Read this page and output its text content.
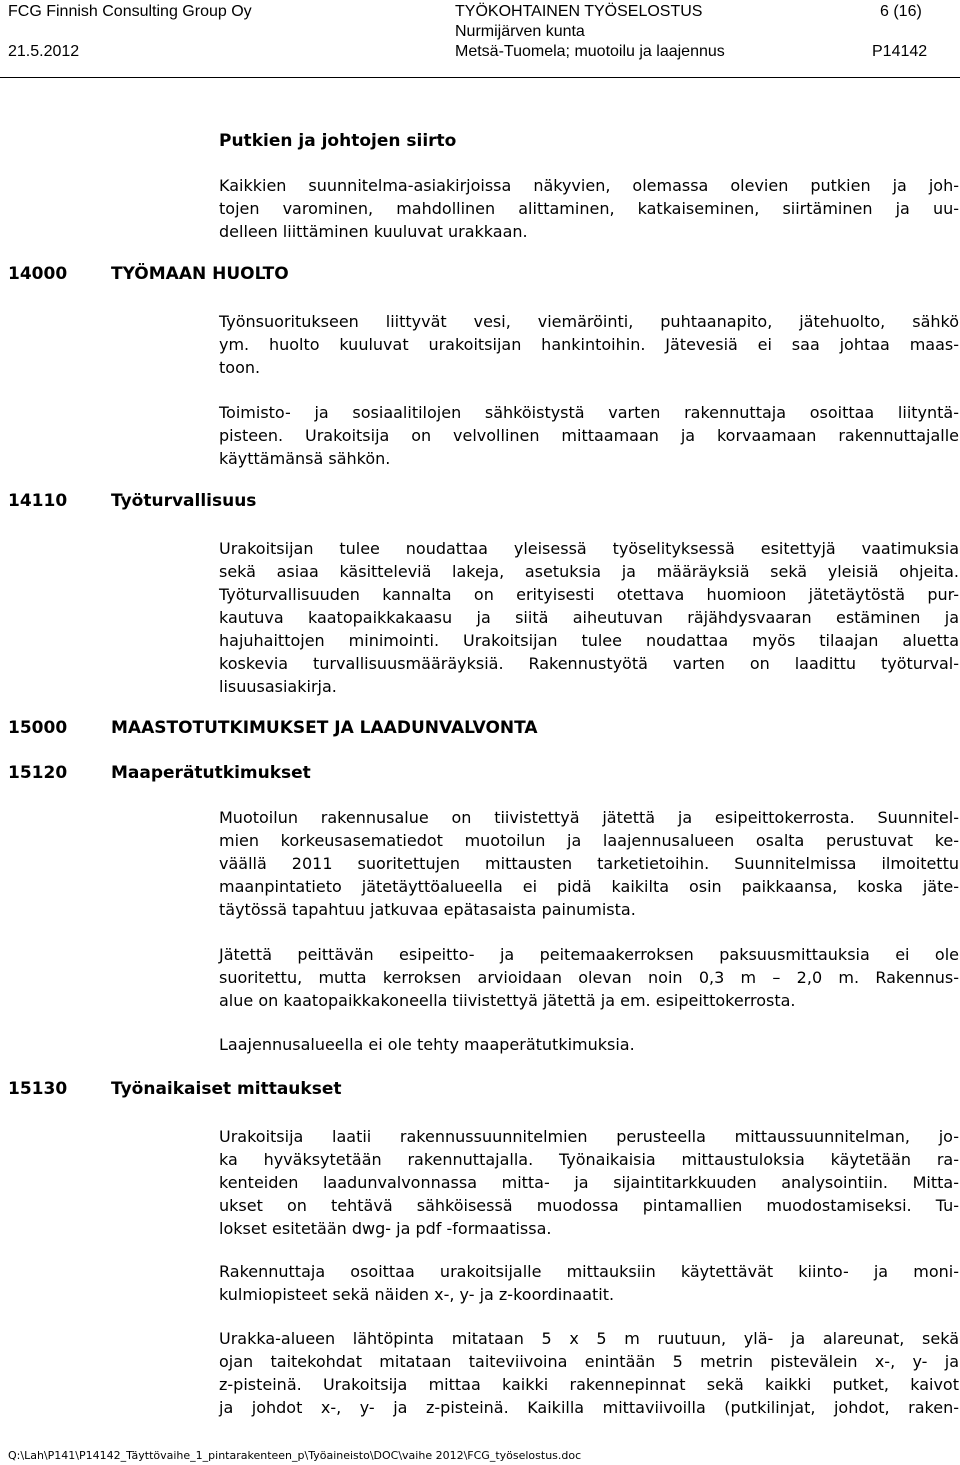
FCG Finnish Consulting Group Oy
21.5.2012
TYÖKOHTAINEN TYÖSELOSTUS
Nurmijärven kunta
Metsä-Tuomela; muotoilu ja laajennus
6 (16)
P14142
Putkien ja johtojen siirto
Kaikkien suunnitelma-asiakirjoissa näkyvien, olemassa olevien putkien ja joh-
tojen varominen, mahdollinen alittaminen, katkaiseminen, siirtäminen ja uu-
delleen liittäminen kuuluvat urakkaan.
14000	TYÖMAAN HUOLTO
Työnsuoritukseen liittyvät vesi, viemäröinti, puhtaanapito, jätehuolto, sähkö
ym. huolto kuuluvat urakoitsijan hankintoihin. Jätevesiä ei saa johtaa maas-
toon.
Toimisto- ja sosiaalitilojen sähköistystä varten rakennuttaja osoittaa liityntä-
pisteen. Urakoitsija on velvollinen mittaamaan ja korvaamaan rakennuttajalle
käyttämänsä sähkön.
14110	Työturvallisuus
Urakoitsijan tulee noudattaa yleisessä työselityksessä esitettyjä vaatimuksia
sekä asiaa käsitteleviä lakeja, asetuksia ja määräyksiä sekä yleisiä ohjeita.
Työturvallisuuden kannalta on erityisesti otettava huomioon jätetäytöstä pur-
kautuva kaatopaikkakaasu ja siitä aiheutuvan räjähdysvaaran estäminen ja
hajuhaittojen minimointi. Urakoitsijan tulee noudattaa myös tilaajan aluetta
koskevia turvallisuusmääräyksiä. Rakennustyötä varten on laadittu työturval-
lisuusasiakirja.
15000	MAASTOTUTKIMUKSET JA LAADUNVALVONTA
15120	Maaperätutkimukset
Muotoilun rakennusalue on tiivistettyä jätettä ja esipeittokerrosta. Suunnitel-
mien korkeusasematiedot muotoilun ja laajennusalueen osalta perustuvat ke-
väällä 2011 suoritettujen mittausten tarketietoihin. Suunnitelmissa ilmoitettu
maanpintatieto jätetäyttöalueella ei pidä kaikilta osin paikkaansa, koska jäte-
täytössä tapahtuu jatkuvaa epätasaista painumista.
Jätettä peittävän esipeitto- ja peitemaakerroksen paksuusmittauksia ei ole
suoritettu, mutta kerroksen arvioidaan olevan noin 0,3 m – 2,0 m. Rakennus-
alue on kaatopaikkakoneella tiivistettyä jätettä ja em. esipeittokerrosta.
Laajennusalueella ei ole tehty maaperätutkimuksia.
15130	Työnaikaiset mittaukset
Urakoitsija laatii rakennussuunnitelmien perusteella mittaussuunnitelman, jo-
ka hyväksytetään rakennuttajalla. Työnaikaisia mittaustuloksia käytetään ra-
kenteiden laadunvalvonnassa mitta- ja sijaintitarkkuuden analysointiin. Mitta-
ukset on tehtävä sähköisessä muodossa pintamallien muodostamiseksi. Tu-
lokset esitetään dwg- ja pdf -formaatissa.
Rakennuttaja osoittaa urakoitsijalle mittauksiin käytettävät kiinto- ja moni-
kulmiopisteet sekä näiden x-, y- ja z-koordinaatit.
Urakka-alueen lähtöpinta mitataan 5 x 5 m ruutuun, ylä- ja alareunat, sekä
ojan taitekohdat mitataan taiteviivoina enintään 5 metrin pistevälein x-, y- ja
z-pisteinä. Urakoitsija mittaa kaikki rakennepinnat sekä kaikki putket, kaivot
ja johdot x-, y- ja z-pisteinä. Kaikilla mittaviivoilla (putkilinjat, johdot, raken-
Q:\Lah\P141\P14142_Täyttövaihe_1_pintarakenteen_p\Työaineisto\DOC\vaihe 2012\FCG_työselostus.doc
